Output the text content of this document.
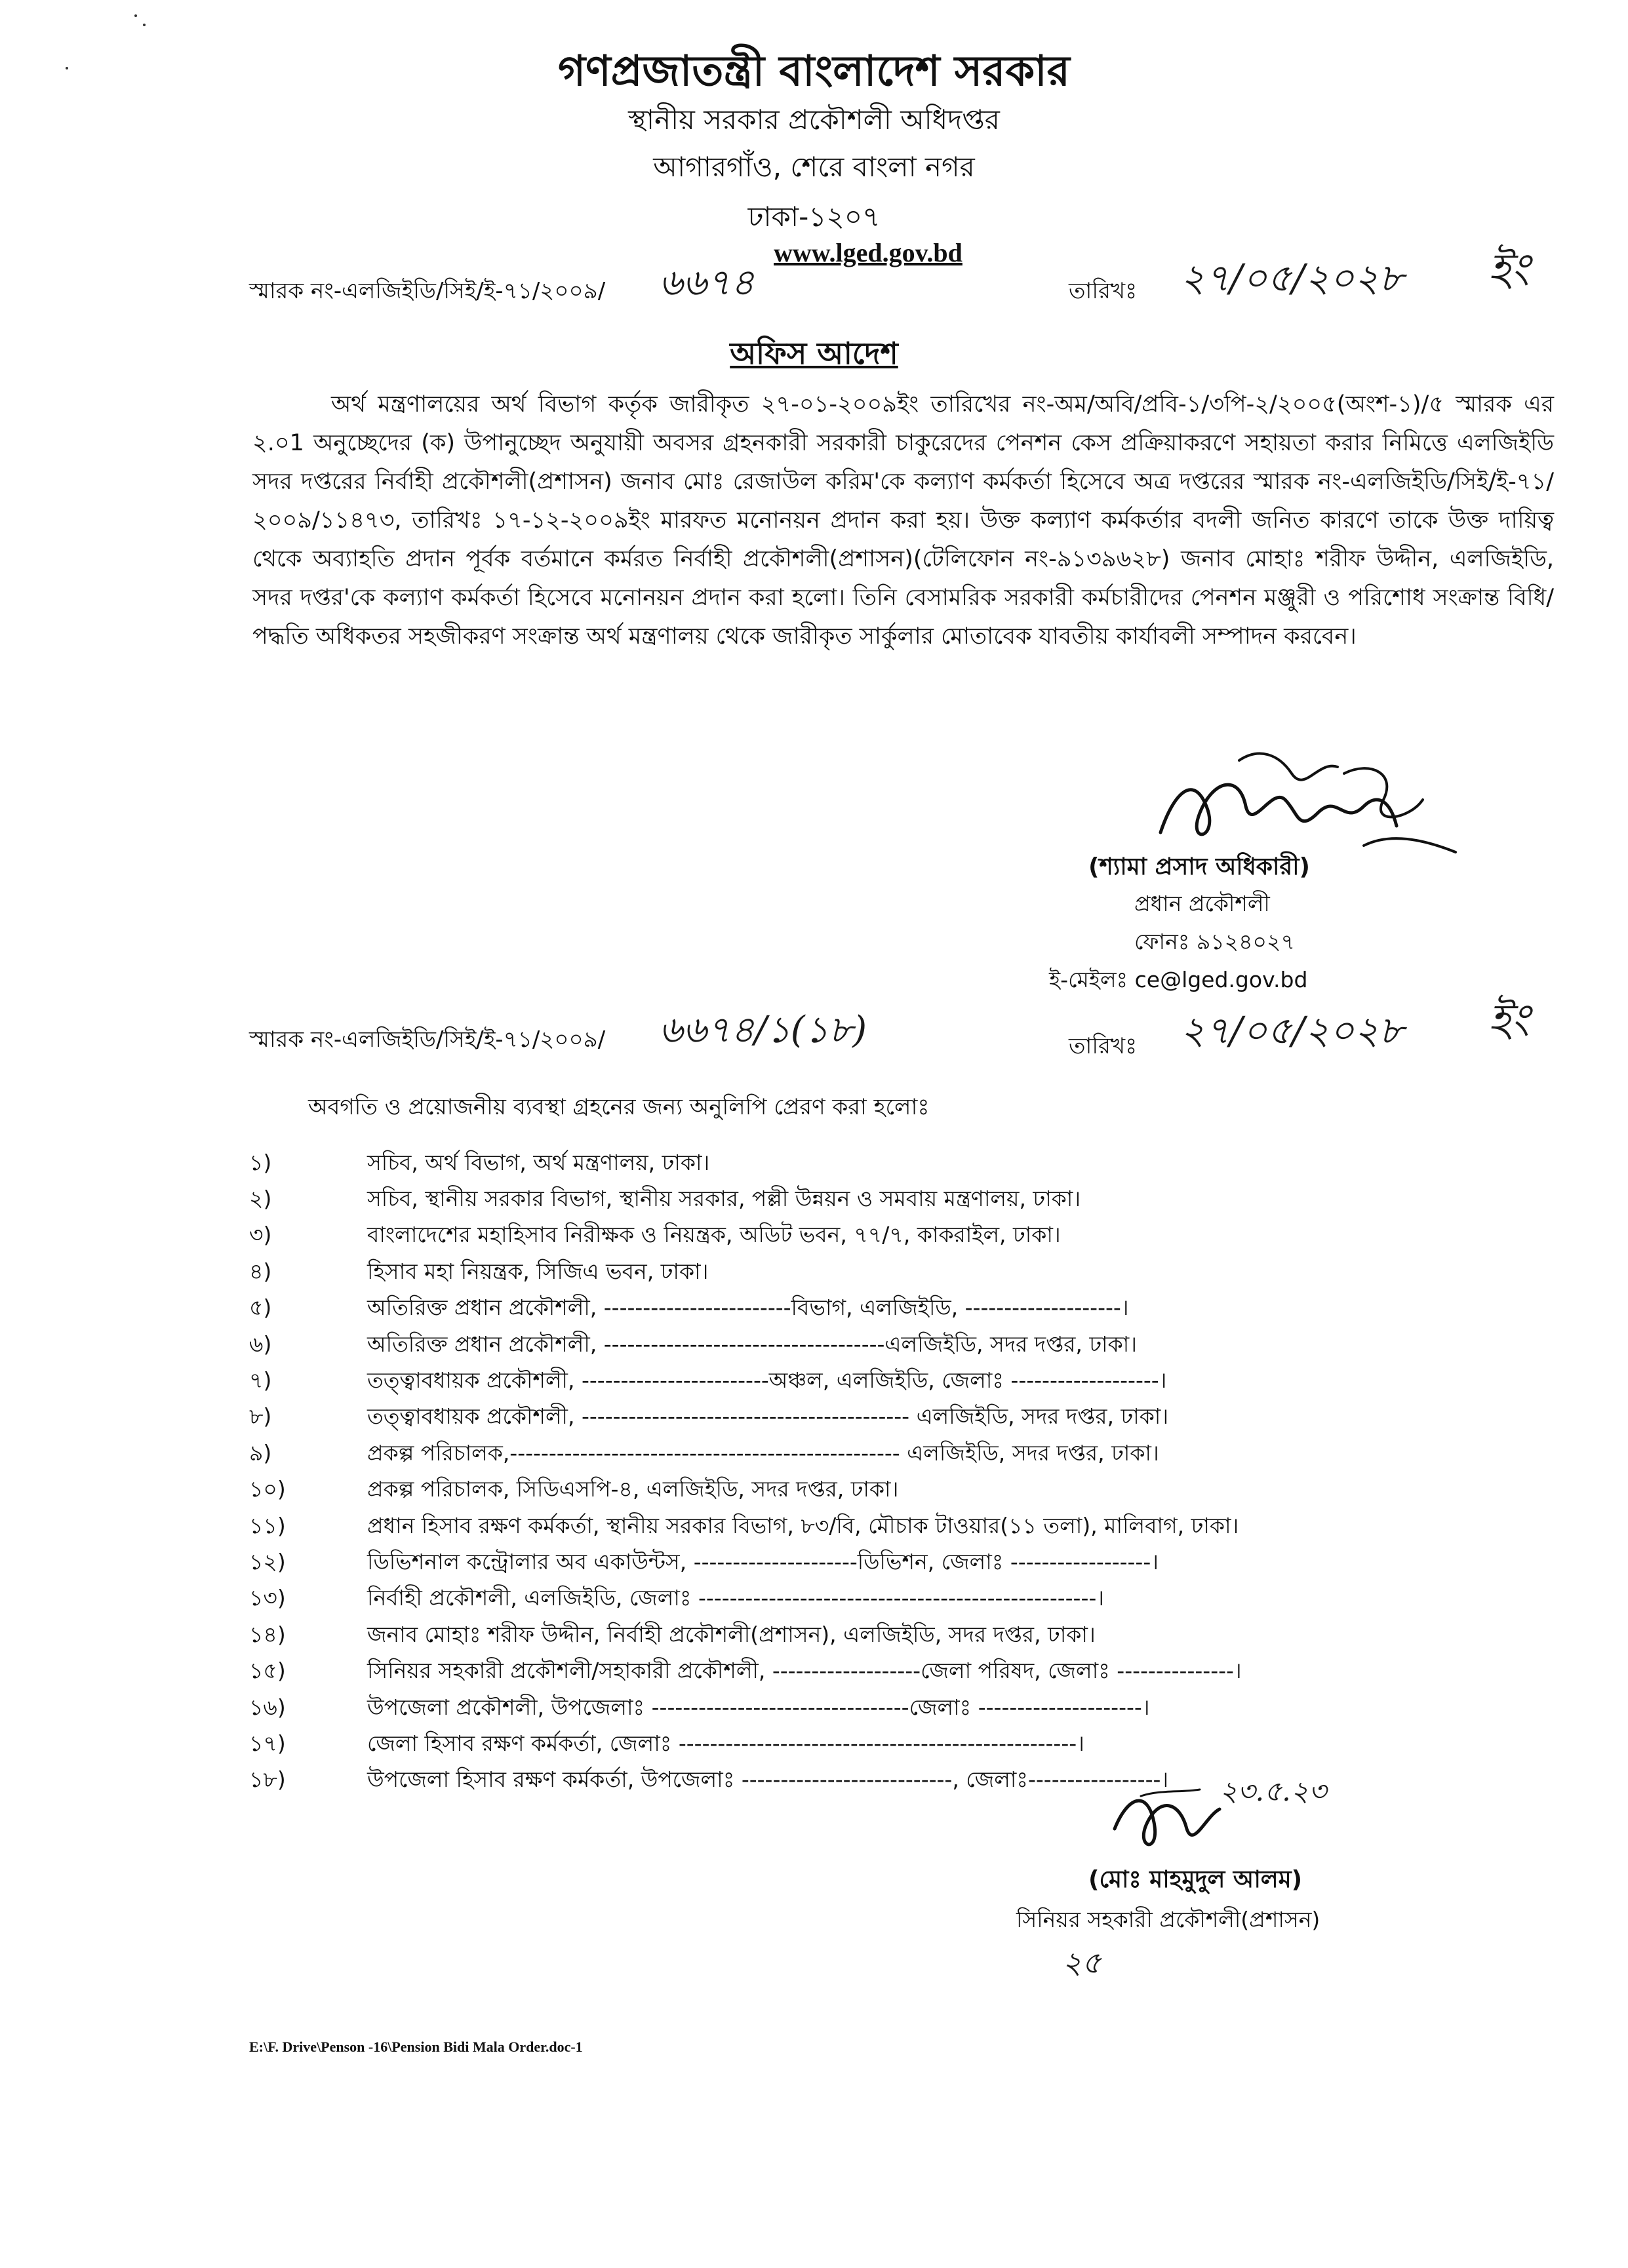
গণপ্রজাতন্ত্রী বাংলাদেশ সরকার
স্থানীয় সরকার প্রকৌশলী অধিদপ্তর
আগারগাঁও, শেরে বাংলা নগর
ঢাকা-১২০৭
www.lged.gov.bd
স্মারক নং-এলজিইডি/সিই/ই-৭১/২০০৯/ ৬৬৭৪	তারিখঃ ২৭/০৫/২০২৮ ইং
অফিস আদেশ
অর্থ মন্ত্রণালয়ের অর্থ বিভাগ কর্তৃক জারীকৃত ২৭-০১-২০০৯ইং তারিখের নং-অম/অবি/প্রবি-১/৩পি-২/২০০৫(অংশ-১)/৫ স্মারক এর ২.০1 অনুচ্ছেদের (ক) উপানুচ্ছেদ অনুযায়ী অবসর গ্রহনকারী সরকারী চাকুরেদের পেনশন কেস প্রক্রিয়াকরণে সহায়তা করার নিমিত্তে এলজিইডি সদর দপ্তরের নির্বাহী প্রকৌশলী(প্রশাসন) জনাব মোঃ রেজাউল করিম'কে কল্যাণ কর্মকর্তা হিসেবে অত্র দপ্তরের স্মারক নং-এলজিইডি/সিই/ই-৭১/ ২০০৯/১১৪৭৩, তারিখঃ ১৭-১২-২০০৯ইং মারফত মনোনয়ন প্রদান করা হয়। উক্ত কল্যাণ কর্মকর্তার বদলী জনিত কারণে তাকে উক্ত দায়িত্ব থেকে অব্যাহতি প্রদান পূর্বক বর্তমানে কর্মরত নির্বাহী প্রকৌশলী(প্রশাসন)(টেলিফোন নং-৯১৩৯৬২৮) জনাব মোহাঃ শরীফ উদ্দীন, এলজিইডি, সদর দপ্তর'কে কল্যাণ কর্মকর্তা হিসেবে মনোনয়ন প্রদান করা হলো। তিনি বেসামরিক সরকারী কর্মচারীদের পেনশন মঞ্জুরী ও পরিশোধ সংক্রান্ত বিধি/পদ্ধতি অধিকতর সহজীকরণ সংক্রান্ত অর্থ মন্ত্রণালয় থেকে জারীকৃত সার্কুলার মোতাবেক যাবতীয় কার্যাবলী সম্পাদন করবেন।
(শ্যামা প্রসাদ অধিকারী)
প্রধান প্রকৌশলী
ফোনঃ ৯১২৪০২৭
ই-মেইলঃ ce@lged.gov.bd
স্মারক নং-এলজিইডি/সিই/ই-৭১/২০০৯/ ৬৬৭৪/১(১৮)	তারিখঃ ২৭/০৫/২০২৮ ইং
অবগতি ও প্রয়োজনীয় ব্যবস্থা গ্রহনের জন্য অনুলিপি প্রেরণ করা হলোঃ
১)	সচিব, অর্থ বিভাগ, অর্থ মন্ত্রণালয়, ঢাকা।
২)	সচিব, স্থানীয় সরকার বিভাগ, স্থানীয় সরকার, পল্লী উন্নয়ন ও সমবায় মন্ত্রণালয়, ঢাকা।
৩)	বাংলাদেশের মহাহিসাব নিরীক্ষক ও নিয়ন্ত্রক, অডিট ভবন, ৭৭/৭, কাকরাইল, ঢাকা।
৪)	হিসাব মহা নিয়ন্ত্রক, সিজিএ ভবন, ঢাকা।
৫)	অতিরিক্ত প্রধান প্রকৌশলী, ------------------------বিভাগ, এলজিইডি, --------------------।
৬)	অতিরিক্ত প্রধান প্রকৌশলী, ------------------------------------এলজিইডি, সদর দপ্তর, ঢাকা।
৭)	তত্ত্বাবধায়ক প্রকৌশলী, ------------------------অঞ্চল, এলজিইডি, জেলাঃ -------------------।
৮)	তত্ত্বাবধায়ক প্রকৌশলী, ------------------------------------------ এলজিইডি, সদর দপ্তর, ঢাকা।
৯)	প্রকল্প পরিচালক,-------------------------------------------------- এলজিইডি, সদর দপ্তর, ঢাকা।
১০)	প্রকল্প পরিচালক, সিডিএসপি-৪, এলজিইডি, সদর দপ্তর, ঢাকা।
১১)	প্রধান হিসাব রক্ষণ কর্মকর্তা, স্থানীয় সরকার বিভাগ, ৮৩/বি, মৌচাক টাওয়ার(১১ তলা), মালিবাগ, ঢাকা।
১২)	ডিভিশনাল কন্ট্রোলার অব একাউন্টস, ---------------------ডিভিশন, জেলাঃ ------------------।
১৩)	নির্বাহী প্রকৌশলী, এলজিইডি, জেলাঃ ---------------------------------------------------।
১৪)	জনাব মোহাঃ শরীফ উদ্দীন, নির্বাহী প্রকৌশলী(প্রশাসন), এলজিইডি, সদর দপ্তর, ঢাকা।
১৫)	সিনিয়র সহকারী প্রকৌশলী/সহাকারী প্রকৌশলী, -------------------জেলা পরিষদ, জেলাঃ ---------------।
১৬)	উপজেলা প্রকৌশলী, উপজেলাঃ ---------------------------------জেলাঃ ---------------------।
১৭)	জেলা হিসাব রক্ষণ কর্মকর্তা, জেলাঃ ---------------------------------------------------।
১৮)	উপজেলা হিসাব রক্ষণ কর্মকর্তা, উপজেলাঃ ---------------------------, জেলাঃ-----------------।	২৩.৫.২৩
(মোঃ মাহমুদুল আলম)
সিনিয়র সহকারী প্রকৌশলী(প্রশাসন)
২৫
E:\F. Drive\Penson -16\Pension Bidi Mala Order.doc-1
